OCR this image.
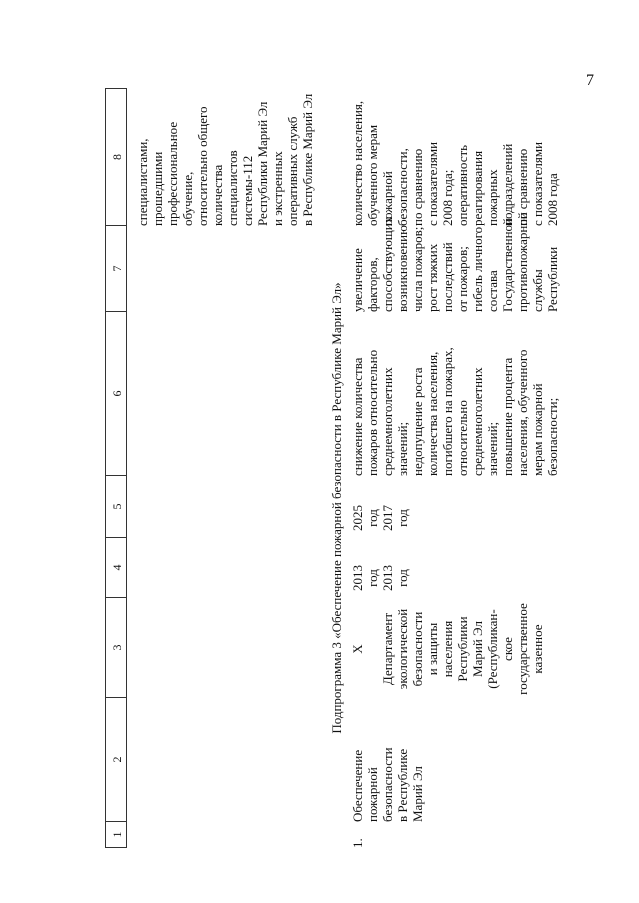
7
1
2
3
4
5
6
7
8 специалистами, прошедшими профессиональное обучение, относительно общего количества специалистов системы-112 Республики Марий Эл и экстренных оперативных служб в Республике Марий Эл
Подпрограмма 3 «Обеспечение пожарной безопасности в Республике Марий Эл»
1.
Обеспечение пожарной безопасности в Республике Марий Эл
Х Департамент экологической безопасности и защиты населения Республики Марий Эл (Республикан- ское государственное казенное
2013 год 2013 год
2025 год 2017 год
снижение количества пожаров относительно среднемноголетних значений; недопущение роста количества населения, погибшего на пожарах, относительно среднемноголетних значений; повышение процента населения, обученного мерам пожарной безопасности;
увеличение факторов, способствующих возникновению числа пожаров; рост тяжких последствий от пожаров; гибель личного состава Государственной противопожарной службы Республики
количество населения, обученного мерам пожарной безопасности, по сравнению с показателями 2008 года; оперативность реагирования пожарных подразделений по сравнению с показателями 2008 года
